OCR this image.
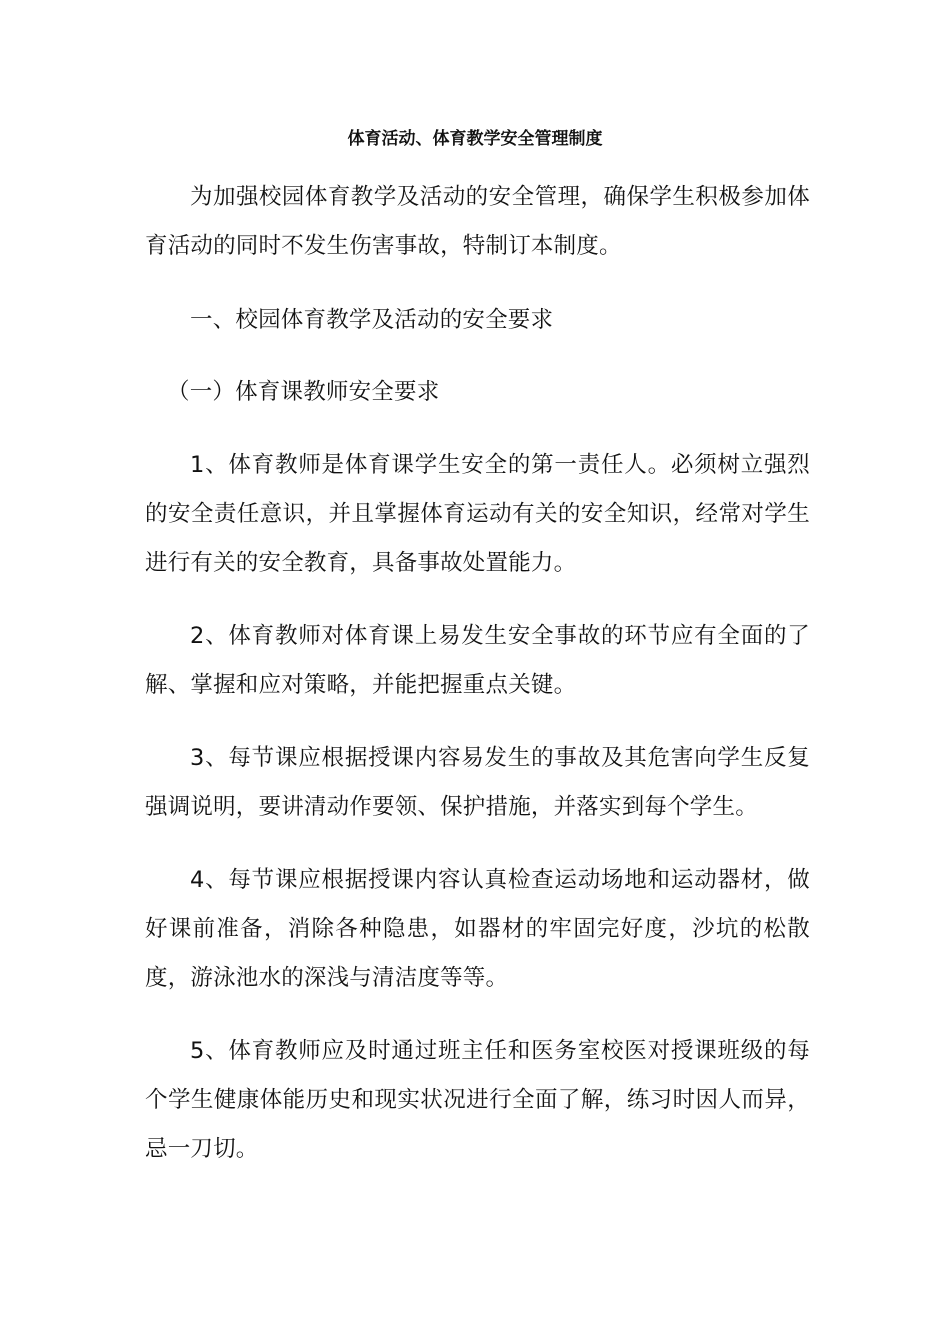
体育活动、体育教学安全管理制度

为加强校园体育教学及活动的安全管理，确保学生积极参加体育活动的同时不发生伤害事故，特制订本制度。

一、校园体育教学及活动的安全要求

（一）体育课教师安全要求

1、体育教师是体育课学生安全的第一责任人。必须树立强烈的安全责任意识，并且掌握体育运动有关的安全知识，经常对学生进行有关的安全教育，具备事故处置能力。

2、体育教师对体育课上易发生安全事故的环节应有全面的了解、掌握和应对策略，并能把握重点关键。

3、每节课应根据授课内容易发生的事故及其危害向学生反复强调说明，要讲清动作要领、保护措施，并落实到每个学生。

4、每节课应根据授课内容认真检查运动场地和运动器材，做好课前准备，消除各种隐患，如器材的牢固完好度，沙坑的松散度，游泳池水的深浅与清洁度等等。

5、体育教师应及时通过班主任和医务室校医对授课班级的每个学生健康体能历史和现实状况进行全面了解，练习时因人而异，忌一刀切。
